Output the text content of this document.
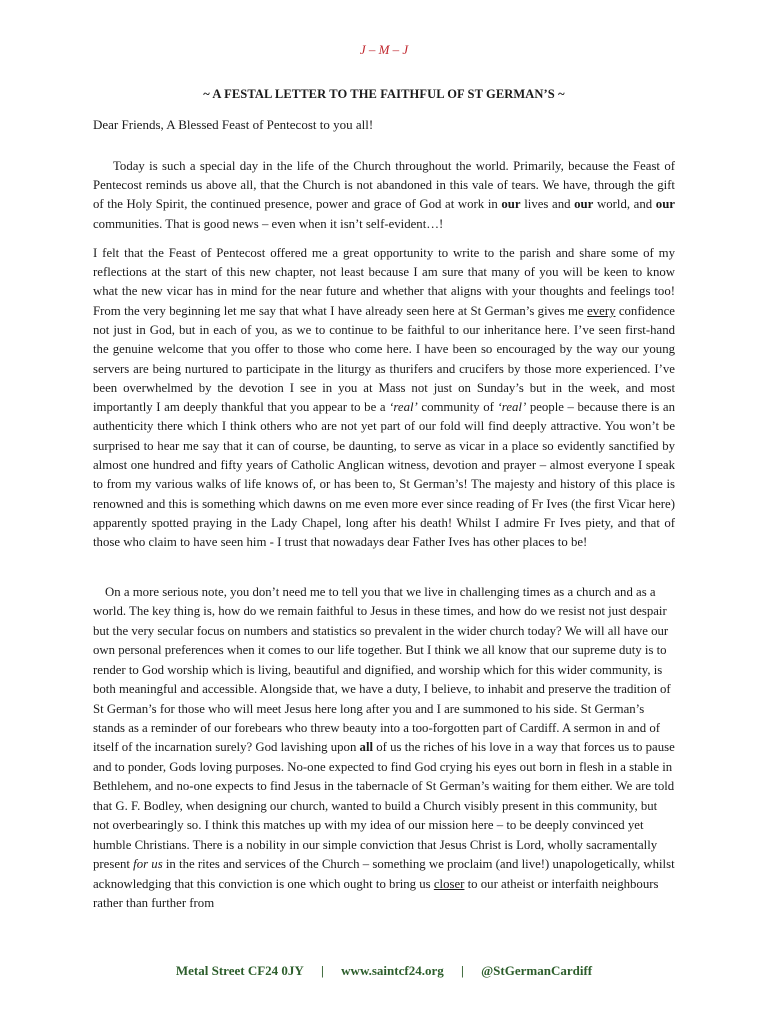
J – M – J
~ A FESTAL LETTER TO THE FAITHFUL OF ST GERMAN’S ~
Dear Friends, A Blessed Feast of Pentecost to you all!

Today is such a special day in the life of the Church throughout the world. Primarily, because the Feast of Pentecost reminds us above all, that the Church is not abandoned in this vale of tears. We have, through the gift of the Holy Spirit, the continued presence, power and grace of God at work in our lives and our world, and our communities. That is good news – even when it isn’t self-evident…!

I felt that the Feast of Pentecost offered me a great opportunity to write to the parish and share some of my reflections at the start of this new chapter, not least because I am sure that many of you will be keen to know what the new vicar has in mind for the near future and whether that aligns with your thoughts and feelings too! From the very beginning let me say that what I have already seen here at St German’s gives me every confidence not just in God, but in each of you, as we to continue to be faithful to our inheritance here. I’ve seen first-hand the genuine welcome that you offer to those who come here. I have been so encouraged by the way our young servers are being nurtured to participate in the liturgy as thurifers and crucifers by those more experienced. I’ve been overwhelmed by the devotion I see in you at Mass not just on Sunday’s but in the week, and most importantly I am deeply thankful that you appear to be a ‘real’ community of ‘real’ people – because there is an authenticity there which I think others who are not yet part of our fold will find deeply attractive. You won’t be surprised to hear me say that it can of course, be daunting, to serve as vicar in a place so evidently sanctified by almost one hundred and fifty years of Catholic Anglican witness, devotion and prayer – almost everyone I speak to from my various walks of life knows of, or has been to, St German’s! The majesty and history of this place is renowned and this is something which dawns on me even more ever since reading of Fr Ives (the first Vicar here) apparently spotted praying in the Lady Chapel, long after his death! Whilst I admire Fr Ives piety, and that of those who claim to have seen him - I trust that nowadays dear Father Ives has other places to be!

On a more serious note, you don’t need me to tell you that we live in challenging times as a church and as a world. The key thing is, how do we remain faithful to Jesus in these times, and how do we resist not just despair but the very secular focus on numbers and statistics so prevalent in the wider church today? We will all have our own personal preferences when it comes to our life together. But I think we all know that our supreme duty is to render to God worship which is living, beautiful and dignified, and worship which for this wider community, is both meaningful and accessible. Alongside that, we have a duty, I believe, to inhabit and preserve the tradition of St German’s for those who will meet Jesus here long after you and I are summoned to his side. St German’s stands as a reminder of our forebears who threw beauty into a too-forgotten part of Cardiff. A sermon in and of itself of the incarnation surely? God lavishing upon all of us the riches of his love in a way that forces us to pause and to ponder, Gods loving purposes. No-one expected to find God crying his eyes out born in flesh in a stable in Bethlehem, and no-one expects to find Jesus in the tabernacle of St German’s waiting for them either. We are told that G. F. Bodley, when designing our church, wanted to build a Church visibly present in this community, but not overbearingly so. I think this matches up with my idea of our mission here – to be deeply convinced yet humble Christians. There is a nobility in our simple conviction that Jesus Christ is Lord, wholly sacramentally present for us in the rites and services of the Church – something we proclaim (and live!) unapologetically, whilst acknowledging that this conviction is one which ought to bring us closer to our atheist or interfaith neighbours rather than further from

Metal Street CF24 0JY | www.saintcf24.org | @StGermanCardiff
